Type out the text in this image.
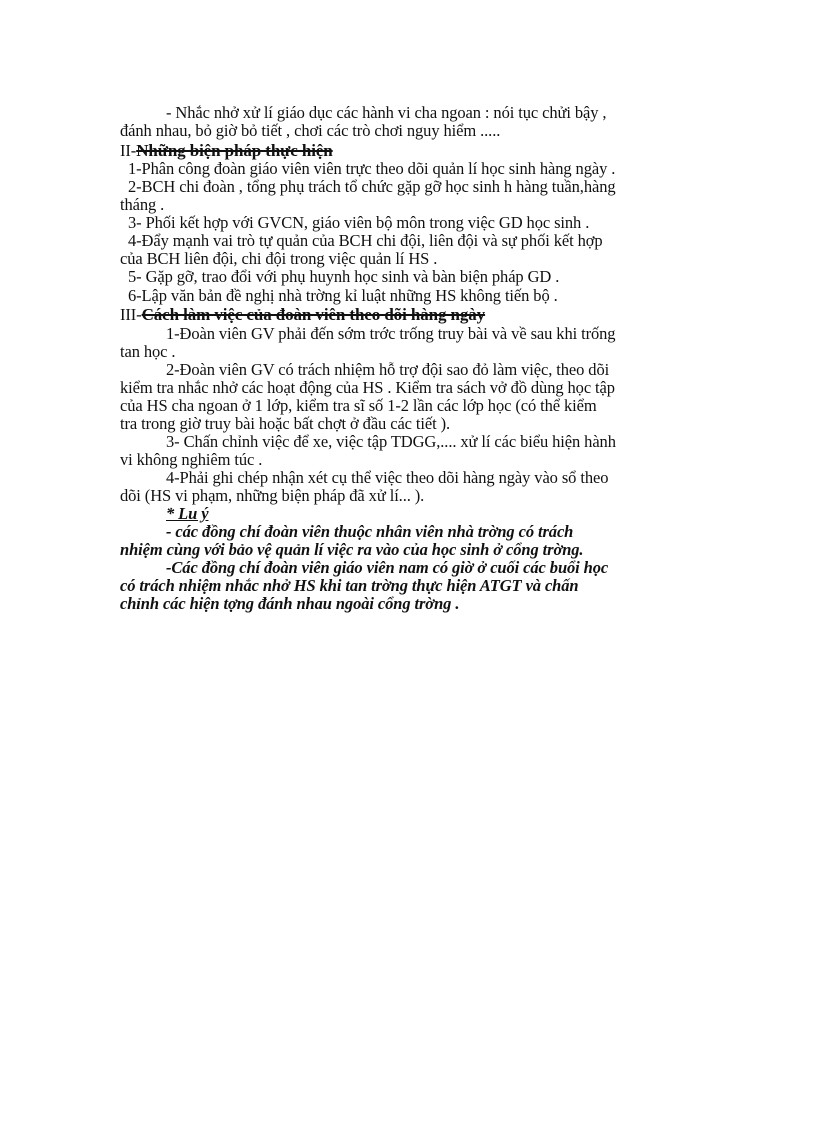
- Nhắc nhở xử lí giáo dục các hành vi cha ngoan : nói tục chửi bậy ,
đánh nhau, bỏ giờ bỏ tiết , chơi các trò chơi nguy hiểm .....
II-Những biện pháp thực hiện
1-Phân công đoàn giáo viên viên trực theo dõi quản lí học sinh hàng ngày .
2-BCH chi đoàn , tổng phụ trách tổ chức gặp gỡ học sinh h hàng tuần,hàng
tháng .
3- Phối kết hợp với GVCN, giáo viên bộ môn trong việc GD học sinh .
4-Đẩy mạnh vai trò tự quản của BCH chi đội, liên đội và sự phối kết hợp
của BCH liên đội, chi đội trong việc quản lí HS .
5- Gặp gỡ, trao đổi với phụ huynh học sinh và bàn biện pháp GD .
6-Lập văn bản đề nghị nhà trờng kỉ luật những HS không tiến bộ .
III-Cách làm việc của đoàn viên theo dõi hàng ngày
1-Đoàn viên GV phải đến sớm trớc trống truy bài và về sau khi trống
tan học .
2-Đoàn viên GV có trách nhiệm hỗ trợ đội sao đỏ làm việc, theo dõi
kiểm tra nhắc nhở các hoạt động của HS . Kiểm tra sách vở đồ dùng học tập
của HS cha ngoan ở 1 lớp, kiểm tra sĩ số 1-2 lần các lớp học (có thể kiểm
tra trong giờ truy bài hoặc bất chợt ở đầu các tiết ).
3- Chấn chỉnh việc để xe, việc tập TDGG,.... xử lí các biểu hiện hành
vi không nghiêm túc .
4-Phải ghi chép nhận xét cụ thể việc theo dõi hàng ngày vào sổ theo
dõi (HS vi phạm, những biện pháp đã xử lí... ).
* Lu ý
- các đồng chí đoàn viên thuộc nhân viên nhà trờng có trách
nhiệm cùng với bảo vệ quản lí việc ra vào của học sinh ở cổng trờng.
-Các đồng chí đoàn viên giáo viên nam có giờ ở cuối các buổi học
có trách nhiệm nhắc nhở HS khi tan trờng thực hiện ATGT và chấn
chỉnh các hiện tợng đánh nhau ngoài cổng trờng .
